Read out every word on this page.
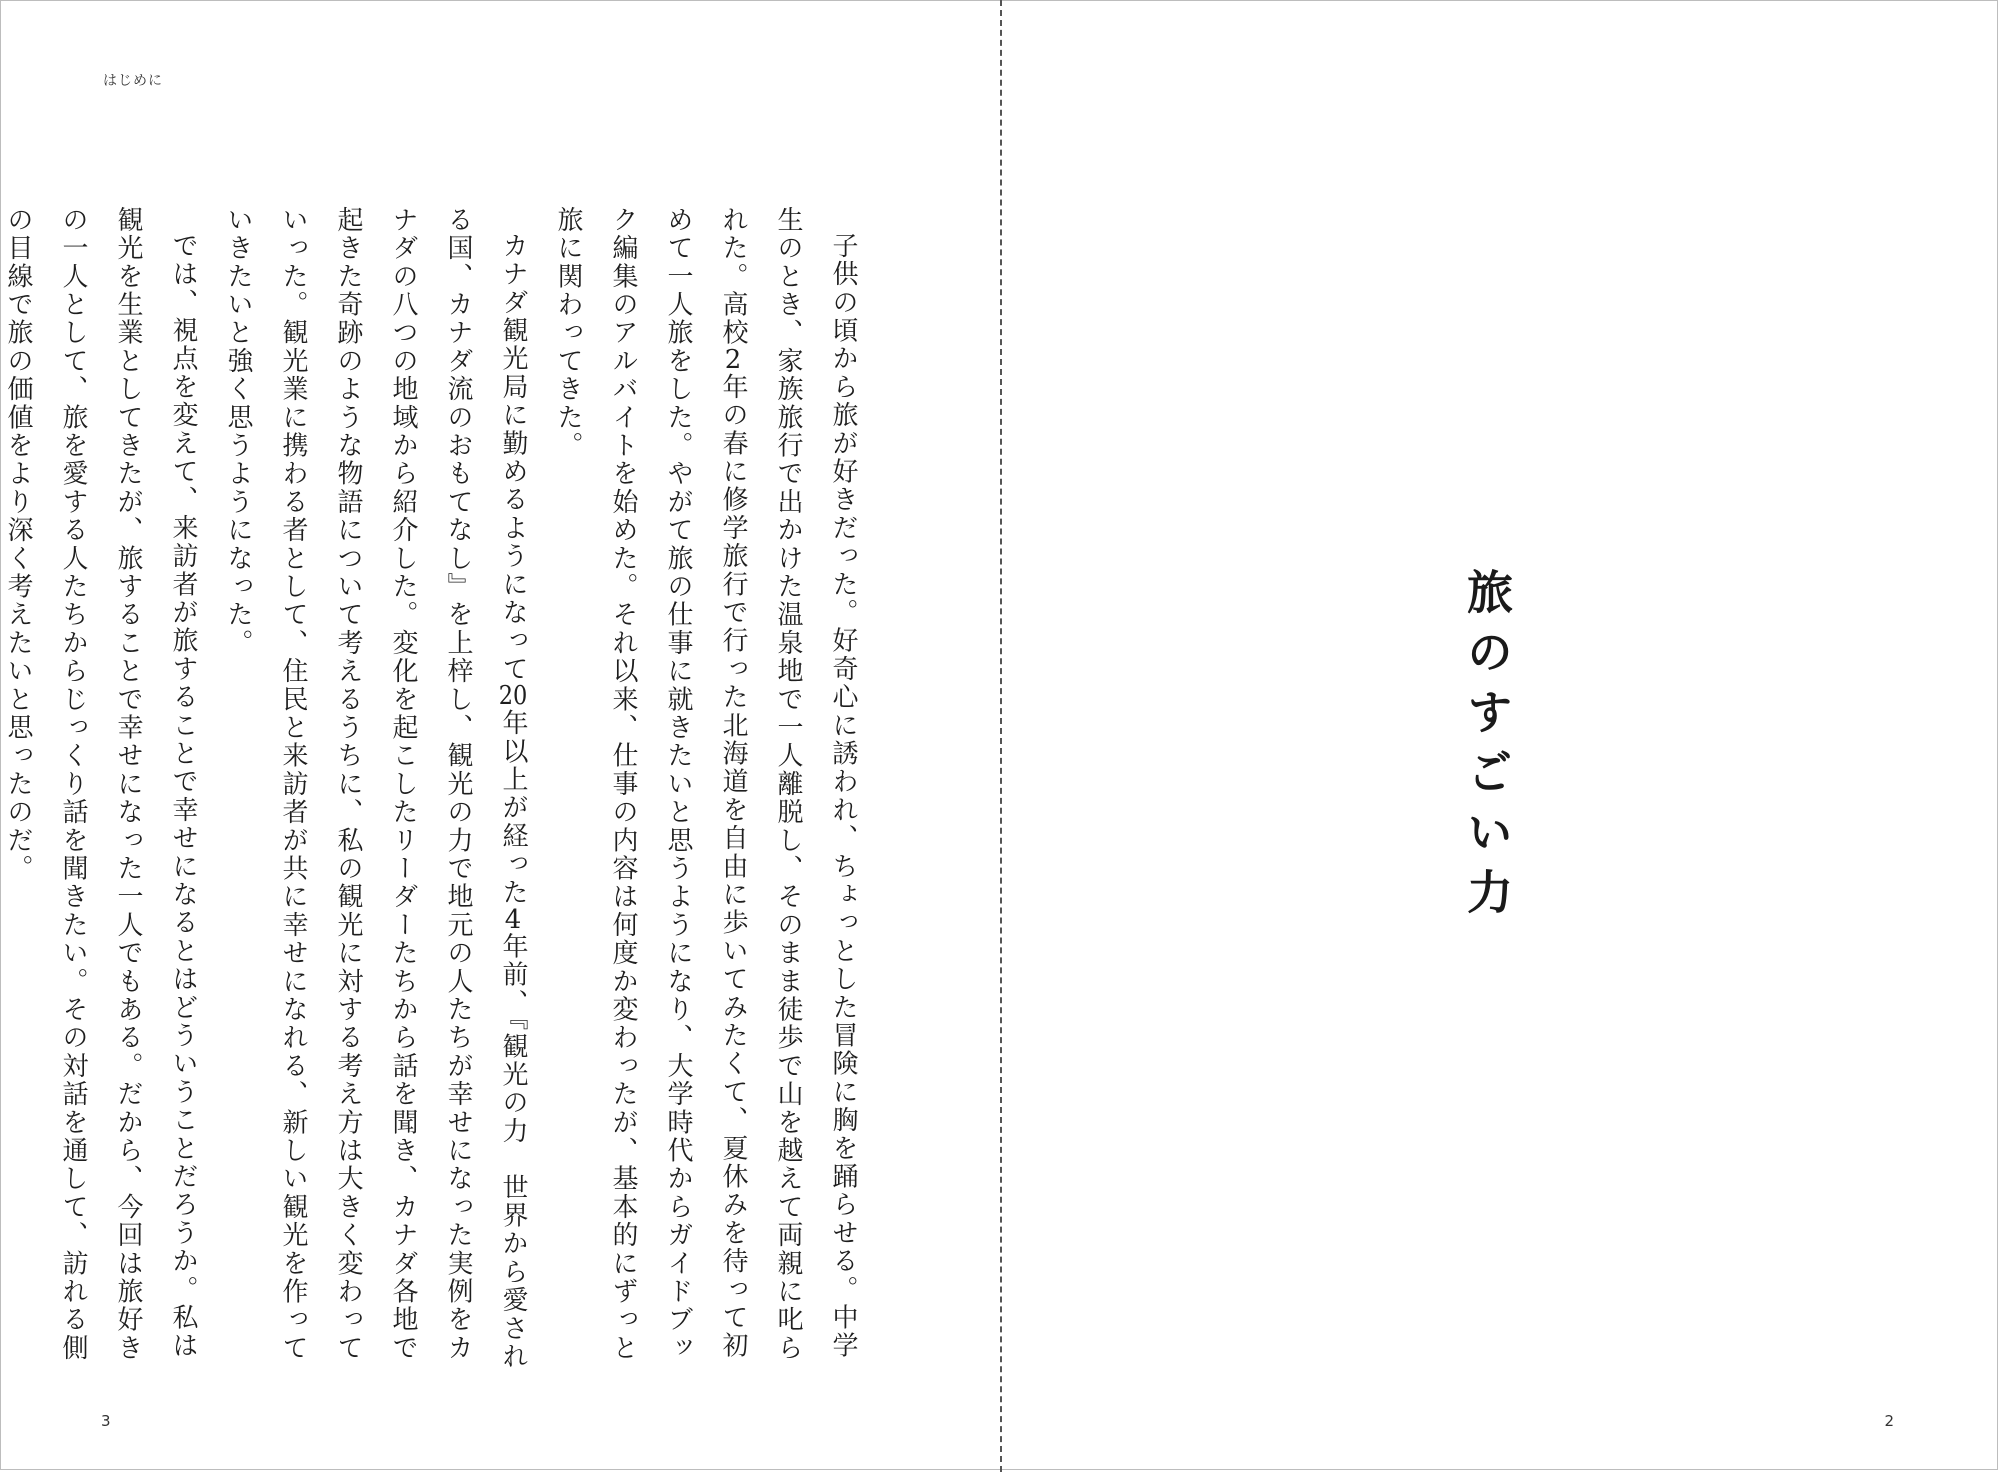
はじめに

子供の頃から旅が好きだった。好奇心に誘われ、ちょっとした冒険に胸を踊らせる。中学生のとき、家族旅行で出かけた温泉地で一人離脱し、そのまま徒歩で山を越えて両親に叱られた。高校2年の春に修学旅行で行った北海道を自由に歩いてみたくて、夏休みを待って初めて一人旅をした。やがて旅の仕事に就きたいと思うようになり、大学時代からガイドブック編集のアルバイトを始めた。それ以来、仕事の内容は何度か変わったが、基本的にずっと旅に関わってきた。

カナダ観光局に勤めるようになって20年以上が経った4年前、『観光の力　世界から愛される国、カナダ流のおもてなし』を上梓し、観光の力で地元の人たちが幸せになった実例をカナダの八つの地域から紹介した。変化を起こしたリーダーたちから話を聞き、カナダ各地で起きた奇跡のような物語について考えるうちに、私の観光に対する考え方は大きく変わっていった。観光業に携わる者として、住民と来訪者が共に幸せになれる、新しい観光を作っていきたいと強く思うようになった。

では、視点を変えて、来訪者が旅することで幸せになるとはどういうことだろうか。私は観光を生業としてきたが、旅することで幸せになった一人でもある。だから、今回は旅好きの一人として、旅を愛する人たちからじっくり話を聞きたい。その対話を通して、訪れる側の目線で旅の価値をより深く考えたいと思ったのだ。

3
旅のすごい力
2
